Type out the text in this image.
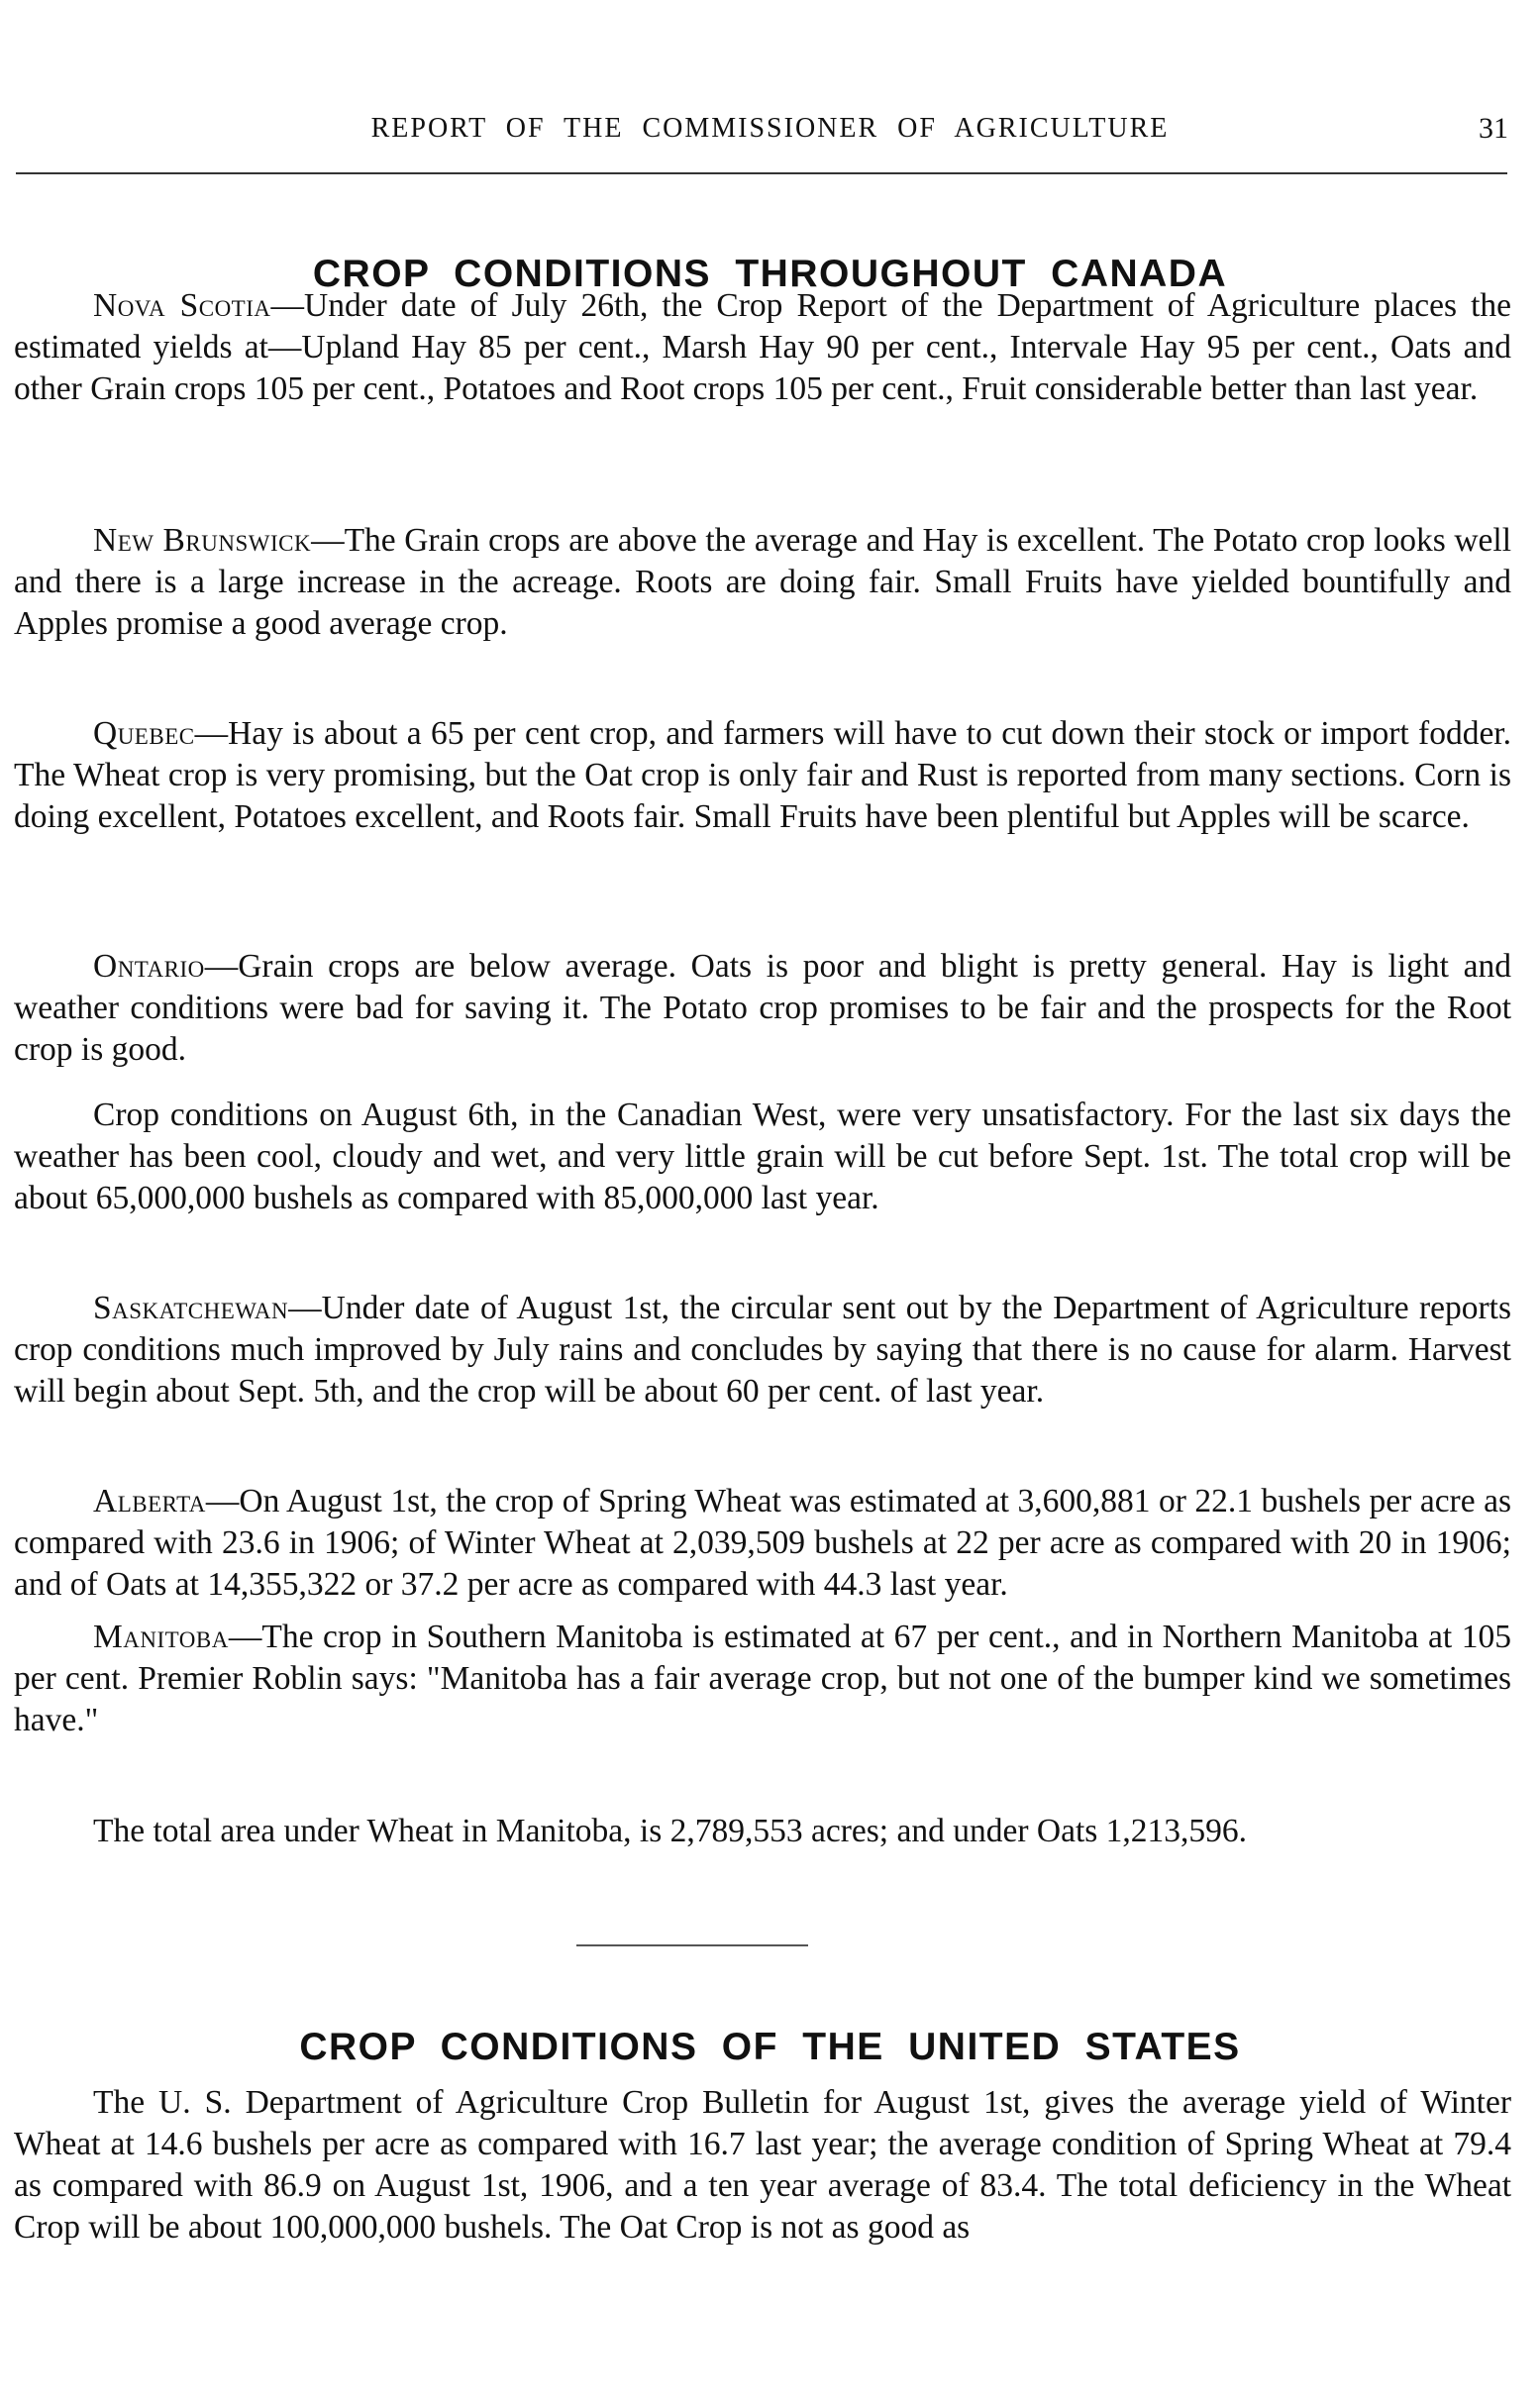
REPORT OF THE COMMISSIONER OF AGRICULTURE	31
CROP CONDITIONS THROUGHOUT CANADA

Nova Scotia—Under date of July 26th, the Crop Report of the Department of Agriculture places the estimated yields at—Upland Hay 85 per cent., Marsh Hay 90 per cent., Intervale Hay 95 per cent., Oats and other Grain crops 105 per cent., Potatoes and Root crops 105 per cent., Fruit considerable better than last year.

New Brunswick—The Grain crops are above the average and Hay is excellent. The Potato crop looks well and there is a large increase in the acreage. Roots are doing fair. Small Fruits have yielded bountifully and Apples promise a good average crop.

Quebec—Hay is about a 65 per cent crop, and farmers will have to cut down their stock or import fodder. The Wheat crop is very promising, but the Oat crop is only fair and Rust is reported from many sections. Corn is doing excellent, Potatoes excellent, and Roots fair. Small Fruits have been plentiful but Apples will be scarce.

Ontario—Grain crops are below average. Oats is poor and blight is pretty general. Hay is light and weather conditions were bad for saving it. The Potato crop promises to be fair and the prospects for the Root crop is good.

Crop conditions on August 6th, in the Canadian West, were very unsatisfactory. For the last six days the weather has been cool, cloudy and wet, and very little grain will be cut before Sept. 1st. The total crop will be about 65,000,000 bushels as compared with 85,000,000 last year.

Saskatchewan—Under date of August 1st, the circular sent out by the Department of Agriculture reports crop conditions much improved by July rains and concludes by saying that there is no cause for alarm. Harvest will begin about Sept. 5th, and the crop will be about 60 per cent. of last year.

Alberta—On August 1st, the crop of Spring Wheat was estimated at 3,600,881 or 22.1 bushels per acre as compared with 23.6 in 1906; of Winter Wheat at 2,039,509 bushels at 22 per acre as compared with 20 in 1906; and of Oats at 14,355,322 or 37.2 per acre as compared with 44.3 last year.

Manitoba—The crop in Southern Manitoba is estimated at 67 per cent., and in Northern Manitoba at 105 per cent. Premier Roblin says: "Manitoba has a fair average crop, but not one of the bumper kind we sometimes have."

The total area under Wheat in Manitoba, is 2,789,553 acres; and under Oats 1,213,596.

CROP CONDITIONS OF THE UNITED STATES

The U. S. Department of Agriculture Crop Bulletin for August 1st, gives the average yield of Winter Wheat at 14.6 bushels per acre as compared with 16.7 last year; the average condition of Spring Wheat at 79.4 as compared with 86.9 on August 1st, 1906, and a ten year average of 83.4. The total deficiency in the Wheat Crop will be about 100,000,000 bushels. The Oat Crop is not as good as
